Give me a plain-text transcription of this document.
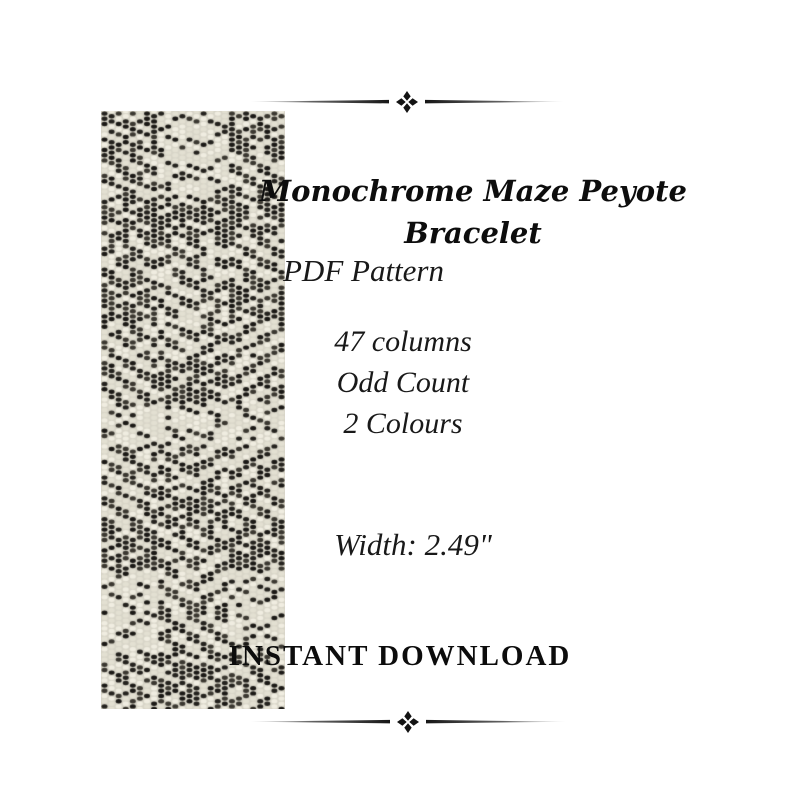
Monochrome Maze Peyote
Bracelet
PDF Pattern
47 columns
Odd Count
2 Colours
Width: 2.49"
INSTANT DOWNLOAD
